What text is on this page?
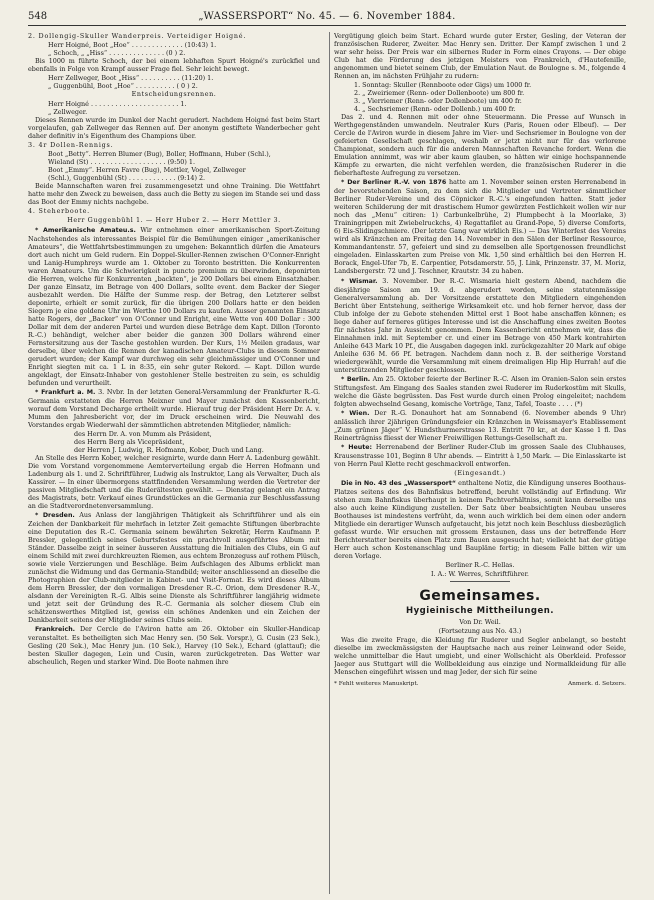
548	„WASSERSPORT“ No. 45. — 6. November 1884.

2. Dollengig-Skuller Wanderpreis. Verteidiger Hoigné.

Herr Hoigné, Boot „Hoe“ . . . . . . . . . . . . . (10:43) 1.

„ Schoch, „ „Hiss“ . . . . . . . . . . . . . . (0 ) 2.

Bis 1000 m führte Schoch, der bei einem lebhaften Spurt Hoigné's zurückfiel und ebenfalls in Folge von Krampf ausser Frage fiel. Sehr leicht bewegt.

Herr Zellweger, Boot „Hiss“ . . . . . . . . . . (11:20) 1.

„ Guggenbühl, Boot „Hoe“ . . . . . . . . . . ( 0 ) 2.

Entscheidungsrennen.

Herr Hoigné . . . . . . . . . . . . . . . . . . . . . . 1.

„ Zellweger.

Dieses Rennen wurde im Dunkel der Nacht gerudert. Nachdem Hoigné fast beim Start vorgelaufen, gab Zellweger das Rennen auf. Der anonym gestiftete Wanderbecher geht daher definitiv in's Eigenthum des Champions über.

3. 4r Dollen-Rennigs.

Boot „Betty“. Herren Blumer (Bug), Boller, Hoffmann, Huber (Schl.),

Wieland (St) . . . . . . . . . . . . . . . . . . . (9:50) 1.

Boot „Emmy“. Herren Favre (Bug), Mettler, Vogel, Zellweger

(Schl.), Guggenbühl (St) . . . . . . . . . . . . (9:14) 2.

Beide Mannschaften waren frei zusammengesetzt und ohne Training. Die Wettfahrt hatte mehr den Zweck zu beweisen, dass auch die Betty zu siegen im Stande sei und dass das Boot der Emmy nichts nachgebe.

4. Steherboote.

Herr Guggenbühl 1. — Herr Huber 2. — Herr Mettler 3.

* Amerikanische Amateu.s. Wir entnehmen einer amerikanischen Sport-Zeitung Nachstehendes als interessantes Beispiel für die Bemühungen einiger „amerikanischer Amateurs“, die Wettfahrtsbestimmungen zu umgehen: Bekanntlich dürfen die Amateurs dort auch nicht um Geld rudern. Ein Doppel-Skuller-Rennen zwischen O'Conner-Enright und Lanig-Humphreys wurde am 1. Oktober zu Toronto bestritten. Die Konkurrenten waren Amateurs. Um die Schwierigkeit in puncto premium zu überwinden, deponirten die Herren, welche für Konkurrenten „backten“, je 200 Dollars bei einem Einsatzhaber. Der ganze Einsatz, im Betrage von 400 Dollars, sollte event. dem Backer der Sieger ausbezahlt werden. Die Hälfte der Summe resp. der Betrag, den Letzterer selbst deponirte, erhielt er somit zurück, für die übrigen 200 Dollars hatte er den beiden Siegern je eine goldene Uhr im Werthe 100 Dollars zu kaufen. Ausser genannten Einsatz hatte Rogers, der „Backer“ von O'Conner und Enright, eine Wette von 400 Dollar : 300 Dollar mit dem der anderen Partei und wurden diese Beträge dem Kapt. Dillon (Toronto R.-C.) behändigt, welcher aber beider die ganzen 300 Dollars während einer Fernstersitzung aus der Tasche gestohlen wurden. Der Kurs, 1½ Meilen gradaus, war derselbe, über welchen die Rennen der kanadischen Amateur-Clubs in diesem Sommer gerudert wurden; der Kampf war durchweg ein sehr gleichmässiger und O'Conner und Enright siegten mit ca. 1 L in 8:35, ein sehr guter Rekord. — Kapt. Dillon wurde angeklagt, der Einsatz-Inhaber von gestohlener Stelle bestreiten zu sein, es schuldig befunden und verurtheilt.

* Frankfurt a. M. 3. Nvbr. In der letzten General-Versammlung der Frankfurter R.-G. Germania erstatteten die Herren Meixner und Mayer zunächst den Kassenbericht, worauf dem Vorstand Decharge ertheilt wurde. Hierauf trug der Präsident Herr Dr. A. v. Mumm den Jahresbericht vor, der im Druck erscheinen wird. Die Neuwahl des Vorstandes ergab Wiederwahl der sämmtlichen abtretenden Mitglieder, nämlich:

des Herrn Dr. A. von Mumm als Präsident,

des Herrn Berg als Vicepräsident,

der Herren J. Ludwig, R. Hofmann, Kober, Duch und Lang.

An Stelle des Herrn Kober, welcher resignirte, wurde dann Herr A. Ladenburg gewählt. Die vom Vorstand vorgenommene Aemterverteilung ergab die Herren Hofmann und Ladenburg als 1. und 2. Schriftführer, Ludwig als Instruktor, Lang als Verwalter, Duch als Kassirer. — In einer übermorgens stattfindenden Versammlung werden die Vertreter der passiven Mitgliedschaft und die Ruderältesten gewählt. — Dienstag gelangt ein Antrag des Magistrats, betr. Verkauf eines Grundstückes an die Germania zur Beschlussfassung an die Stadtverordnetenversammlung.

* Dresden. Aus Anlass der langjährigen Thätigkeit als Schriftführer und als ein Zeichen der Dankbarkeit für mehrfach in letzter Zeit gemachte Stiftungen überbrachte eine Deputation des R.-C. Germania seinem bewährten Sekretär, Herrn Kaufmann P. Bressler, gelegentlich seines Geburtsfestes ein prachtvoll ausgeführtes Album mit Ständer. Dasselbe zeigt in seiner äusseren Ausstattung die Initialen des Clubs, ein G auf einem Schild mit zwei durchkreuzten Riemen, aus echtem Bronzeguss auf rothem Plüsch, sowie viele Verzierungen und Beschläge. Beim Aufschlagen des Albums erblickt man zunächst die Widmung und das Germania-Standbild; weiter anschliessend an dieselbe die Photographien der Club-mitglieder in Kabinet- und Visit-Format. Es wird dieses Album dem Herrn Bressler, der den vormaligen Dresdener R.-C. Orion, dem Dresdener R.-V., alsdann der Vereinigten R.-G. Albis seine Dienste als Schriftführer langjährig widmete und jetzt seit der Gründung des R.-C. Germania als solcher diesem Club ein schätzenswerthes Mitglied ist, gewiss ein schönes Andenken und ein Zeichen der Dankbarkeit seitens der Mitglieder seines Clubs sein.

Frankreich. Der Cercle de l'Aviron hatte am 26. Oktober ein Skuller-Handicap veranstaltet. Es betheiligten sich Mac Henry sen. (50 Sek. Vorspr.), G. Cusin (23 Sek.), Gesling (20 Sek.), Mac Henry jun. (10 Sek.), Harvey (10 Sek.), Echard (glattauf); die besten Skuller dagegen, Lein und Cusin, waren zurückgetreten. Das Wetter war abscheulich, Regen und starker Wind. Die Boote nahmen ihre

Vergütigung gleich beim Start. Echard wurde guter Erster, Gesling, der Veteran der französischen Ruderer, Zweiter. Mac Henry sen. Dritter. Der Kampf zwischen 1 und 2 war sehr heiss. Der Preis war ein silbernes Ruder in Form eines Crayons. — Der obige Club hat die Förderung des jetzigen Meisters von Frankreich, d'Hautefenille, angenommen und bietet seinem Club, der Emulation Naut. de Boulogne s. M., folgende 4 Rennen an, im nächsten Frühjahr zu rudern:

1. Sonntag: Skuller (Rennboote oder Gigs) um 1000 fr.

2. „ Zweiriemer (Renn- oder Dollenboote) um 800 fr.

3. „ Vierriemer (Renn- oder Dollenboote) um 400 fr.

4. „ Sechsriemer (Renn- oder Dollenb.) um 400 fr.

Das 2. und 4. Rennen mit oder ohne Steuermann. Die Presse auf Wunsch in Werthgegenständen umwandeln. Neutraler Kurs (Paris, Rouen oder Elbeuf). — Der Cercle de l'Aviron wurde in diesem Jahre im Vier- und Sechsriemer in Boulogne von der gefeierten Gesellschaft geschlagen, weshalb er jetzt nicht nur für das verlorene Championat, sondern auch für die anderen Mannschaften Revanche fordert. Wenn die Emulation annimmt, was wir aber kaum glauben, so hätten wir einige hochspannende Kämpfe zu erwarten, die nicht verfehlen werden, die französischen Ruderer in die fieberhafteste Aufregung zu versetzen.

* Der Berliner R.-V. von 1876 hatte am 1. November seinen ersten Herrenabend in der bevorstehenden Saison, zu dem sich die Mitglieder und Vertreter sämmtlicher Berliner Ruder-Vereine und des Cöpnicker R.-C.'s eingefunden hatten. Statt jeder weiteren Schilderung der mit drastischem Humor gewürzten Festlichkeit wollen wir nur noch das „Menu“ citiren: 1) Carbunkelbrühe, 2) Plumpbecht à la Moorlake, 3) Trainingrippen mit Zwiebelruckchs, 4) Regattafilet au Grand-Pope, 5) diverse Comforts, 6) Eis-Slidingschmiere. (Der letzte Gang war wirklich Eis.) — Das Winterfest des Vereins wird als Kränzchen am Freitag den 14. November in den Sälen der Berliner Ressource, Kommandantenstr. 57, gefeiert und sind zu demselben alle Sportgenossen freundlichst eingeladen. Einlasskarten zum Preise von Mk. 1,50 sind erhältlich bei den Herren H. Borack, Engel-Ufer 7b, E. Carpentier, Potsdamerstr. 55, J. Link, Prinzenstr. 37, M. Moriz, Landsbergerstr. 72 und J. Teschner, Krautstr. 34 zu haben.

* Wismar. 3. November. Der R.-C. Wismaria hielt gestern Abend, nachdem die diesjährige Saison am 19. d. abgerudert worden, seine statutenmässige Generalversammlung ab. Der Vorsitzende erstattete den Mitgliedern eingehenden Bericht über Entstehung, seitherige Wirksamkeit etc. und hob ferner hervor, dass der Club infolge der zu Gebote stehenden Mittel erst 1 Boot habe anschaffen können; es liege daher auf ferneres gütiges Interesse und ist die Anschaffung eines zweiten Bootes für nächstes Jahr in Aussicht genommen. Dem Kassenbericht entnehmen wir, dass die Einnahmen inkl. mit September cr. und einer im Betrage von 450 Mark kontrahirten Anleihe 643 Mark 10 Pf., die Ausgaben dagegen inkl. zurückgezahlter 20 Mark auf obige Anleihe 636 M. 66 Pf. betragen. Nachdem dann noch z. B. der seitherige Vorstand wiedergewählt, wurde die Versammlung mit einem dreimaligen Hip Hip Hurrah! auf die unterstützenden Mitglieder geschlossen.

* Berlin. Am 25. Oktober feierte der Berliner R.-C. Alsen im Oranien-Salon sein erstes Stiftungsfest. Am Eingang des Saales standen zwei Ruderer im Ruderkostüm mit Skulls, welche die Gäste begrüssten. Das Fest wurde durch einen Prolog eingeleitet; nachdem folgten abwechselnd Gesang, komische Vorträge, Tanz, Tafel, Toaste . . . . (*)

* Wien. Der R.-G. Donauhort hat am Sonnabend (6. November abends 9 Uhr) anlässlich ihrer 2jährigen Gründungsfeier ein Kränzchen in Weissmayer's Etablissement „Zum grünen Jäger“ V. Hundsthurmerstrasse 13. Entritt 70 kr., at der Kasse 1 fl. Das Reinerträgniss fliesst der Wiener Freiwilligen Rettungs-Gesellschaft zu.

* Heute: Herrenabend der Berliner Ruder-Club im grossen Saale des Clubhauses, Krausenstrasse 101, Beginn 8 Uhr abends. — Eintritt à 1,50 Mark. — Die Einlasskarte ist von Herrn Paul Klette recht geschmackvoll entworfen.

(Eingesandt.)

Die in No. 43 des „Wassersport“ enthaltene Notiz, die Kündigung unseres Boothaus-Platzes seitens des des Bahnfiskus betreffend, beruht vollständig auf Erfindung. Wir stehen zum Bahnfiskus überhaupt in keinem Pachtverhältniss, somit kann derselbe uns also auch keine Kündigung zustellen. Der Satz über beabsichtigten Neubau unseres Boothauses ist mindestens verfrüht, da, wenn auch wirklich bei dem einen oder andern Mitgliede ein derartiger Wunsch aufgetaucht, bis jetzt noch kein Beschluss diesbezüglich gefasst wurde. Wir ersuchen mit grossem Erstaunen, dass uns der betreffende Herr Berichterstatter bereits einen Platz zum Bauen ausgesucht hat; vielleicht hat der gütige Herr auch schon Kostenanschlag und Baupläne fertig; in diesem Falle bitten wir um deren Vorlage.

Berliner R.-C. Hellas.

I. A.: W. Werres, Schriftführer.

Gemeinsames.
Hygieinische Mittheilungen.

Von Dr. Weil.

(Fortsetzung aus No. 43.)

Was die zweite Frage, die Kleidung für Ruderer und Segler anbelangt, so besteht dieselbe im zweckmässigsten der Hauptsache nach aus reiner Leinwand oder Seide, welche unmittelbar die Haut umgiebt, und einer Wollschicht als Oberkleid. Professor Jaeger aus Stuttgart will die Wollbekleidung aus einzige und Normalkleidung für alle Menschen eingeführt wissen und mag Jeder, der sich für seine

* Fehlt weiteres Manuskript.	Anmerk. d. Setzers.
